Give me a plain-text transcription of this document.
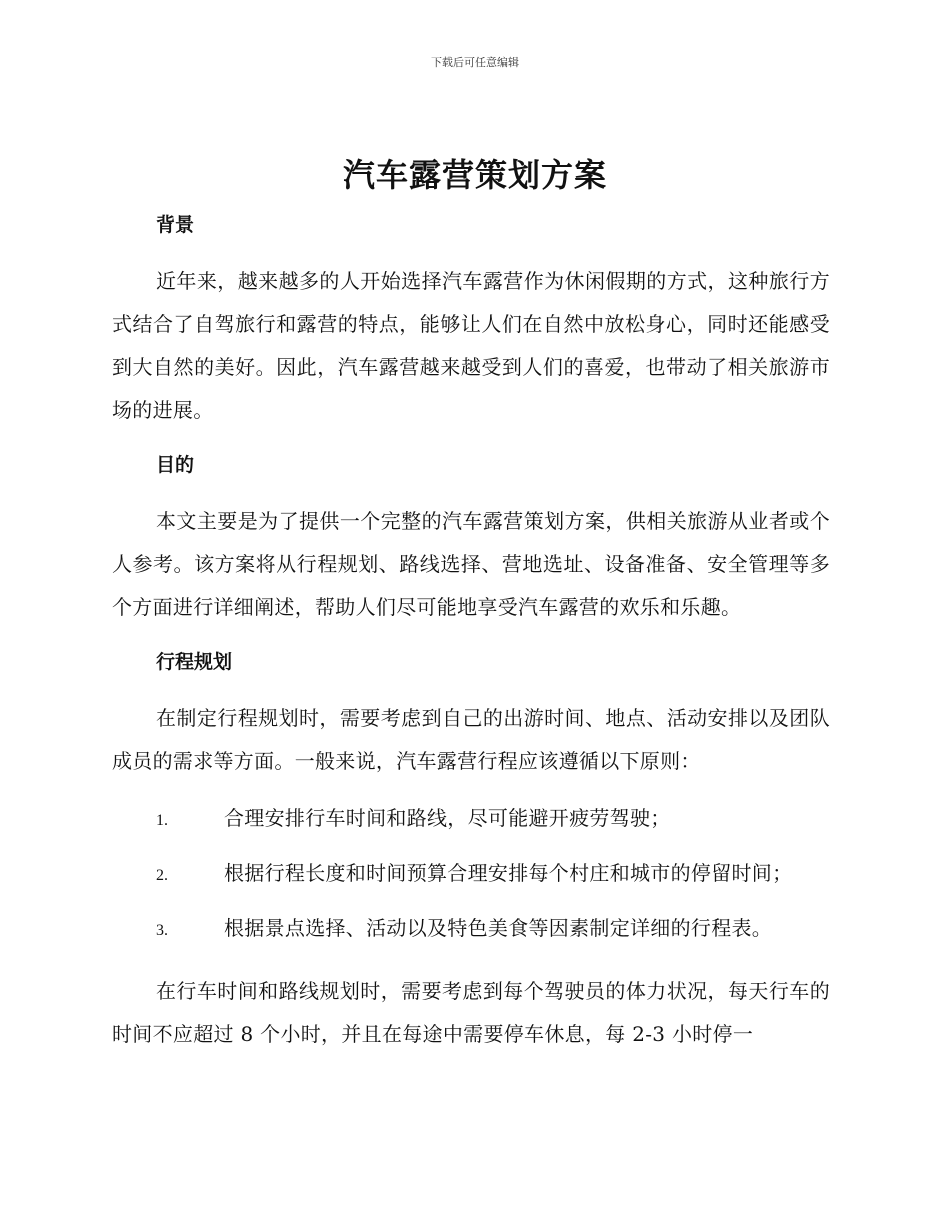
下载后可任意编辑
汽车露营策划方案
背景

近年来，越来越多的人开始选择汽车露营作为休闲假期的方式，这种旅行方式结合了自驾旅行和露营的特点，能够让人们在自然中放松身心，同时还能感受到大自然的美好。因此，汽车露营越来越受到人们的喜爱，也带动了相关旅游市场的进展。

目的

本文主要是为了提供一个完整的汽车露营策划方案，供相关旅游从业者或个人参考。该方案将从行程规划、路线选择、营地选址、设备准备、安全管理等多个方面进行详细阐述，帮助人们尽可能地享受汽车露营的欢乐和乐趣。

行程规划

在制定行程规划时，需要考虑到自己的出游时间、地点、活动安排以及团队成员的需求等方面。一般来说，汽车露营行程应该遵循以下原则：

1.	合理安排行车时间和路线，尽可能避开疲劳驾驶；
2.	根据行程长度和时间预算合理安排每个村庄和城市的停留时间；
3.	根据景点选择、活动以及特色美食等因素制定详细的行程表。

在行车时间和路线规划时，需要考虑到每个驾驶员的体力状况，每天行车的时间不应超过 8 个小时，并且在每途中需要停车休息，每 2-3 小时停一
